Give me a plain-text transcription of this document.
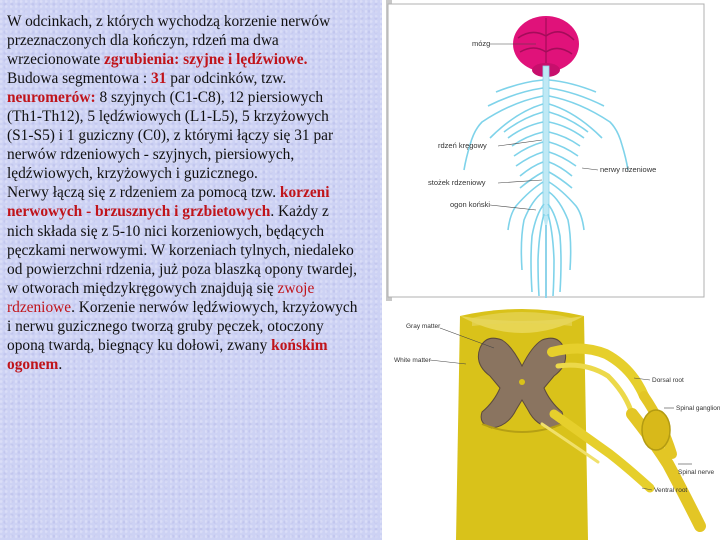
W odcinkach, z których wychodzą korzenie nerwów przeznaczonych dla kończyn, rdzeń ma dwa wrzecionowate zgrubienia: szyjne i lędźwiowe.
Budowa segmentowa : 31 par odcinków, tzw. neuromerów: 8 szyjnych (C1-C8), 12 piersiowych (Th1-Th12), 5 lędźwiowych (L1-L5), 5 krzyżowych (S1-S5) i 1 guziczny (C0), z którymi łączy się 31 par nerwów rdzeniowych - szyjnych, piersiowych, lędźwiowych, krzyżowych i guzicznego.
Nerwy łączą się z rdzeniem za pomocą tzw. korzeni nerwowych - brzusznych i grzbietowych. Każdy z nich składa się z 5-10 nici korzeniowych, będących pęczkami nerwowymi. W korzeniach tylnych, niedaleko od powierzchni rdzenia, już poza blaszką opony twardej, w otworach międzykręgowych znajdują się zwoje rdzeniowe. Korzenie nerwów lędźwiowych, krzyżowych i nerwu guzicznego tworzą gruby pęczek, otoczony oponą twardą, biegnący ku dołowi, zwany końskim ogonem.

mózg
rdzeń kręgowy
stożek rdzeniowy
ogon koński
nerwy rdzeniowe
Gray matter
White matter
Dorsal root
Spinal ganglion
Spinal nerve
Ventral root
